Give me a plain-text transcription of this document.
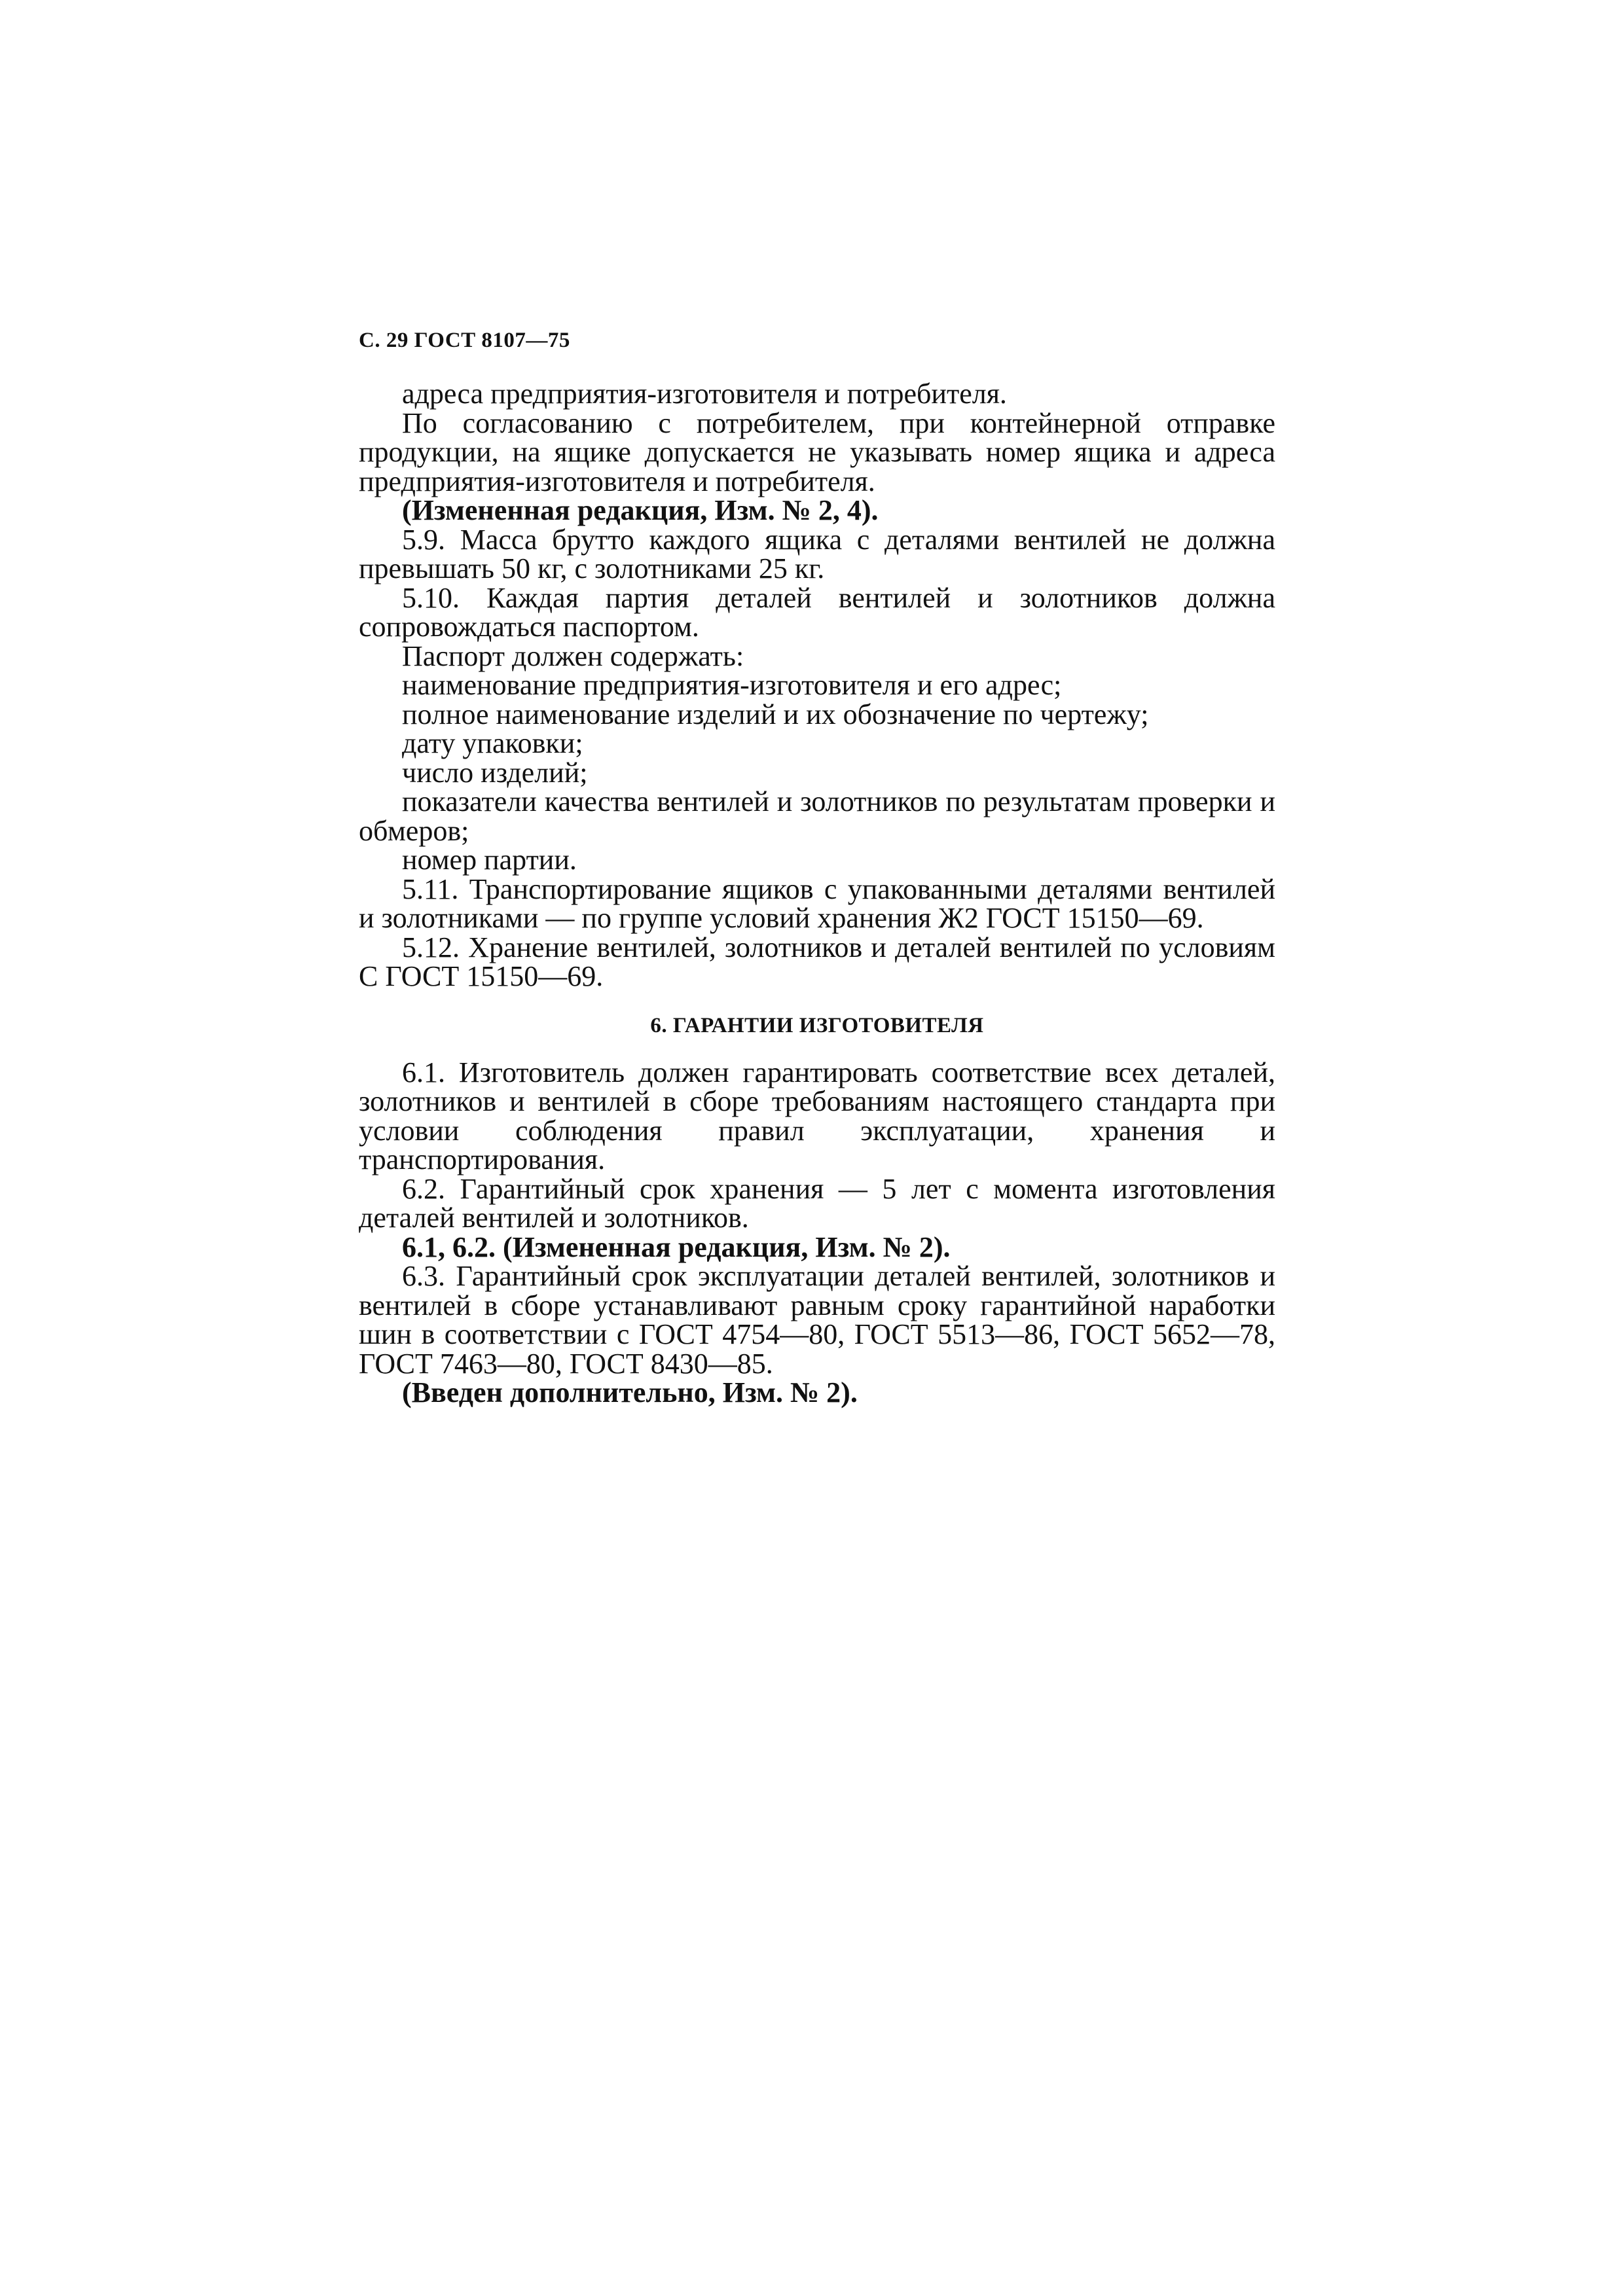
С. 29 ГОСТ 8107—75

адреса предприятия-изготовителя и потребителя.

По согласованию с потребителем, при контейнерной отправке продукции, на ящике допускается не указывать номер ящика и адреса предприятия-изготовителя и потребителя.

(Измененная редакция, Изм. № 2, 4).

5.9. Масса брутто каждого ящика с деталями вентилей не должна превышать 50 кг, с золотниками 25 кг.

5.10. Каждая партия деталей вентилей и золотников должна сопровождаться паспортом.

Паспорт должен содержать:

наименование предприятия-изготовителя и его адрес;

полное наименование изделий и их обозначение по чертежу;

дату упаковки;

число изделий;

показатели качества вентилей и золотников по результатам проверки и обмеров;

номер партии.

5.11. Транспортирование ящиков с упакованными деталями вентилей и золотниками — по группе условий хранения Ж2 ГОСТ 15150—69.

5.12. Хранение вентилей, золотников и деталей вентилей по условиям С ГОСТ 15150—69.

6. ГАРАНТИИ ИЗГОТОВИТЕЛЯ

6.1. Изготовитель должен гарантировать соответствие всех деталей, золотников и вентилей в сборе требованиям настоящего стандарта при условии соблюдения правил эксплуатации, хранения и транспортирования.

6.2. Гарантийный срок хранения — 5 лет с момента изготовления деталей вентилей и золотников.

6.1, 6.2. (Измененная редакция, Изм. № 2).

6.3. Гарантийный срок эксплуатации деталей вентилей, золотников и вентилей в сборе устанавливают равным сроку гарантийной наработки шин в соответствии с ГОСТ 4754—80, ГОСТ 5513—86, ГОСТ 5652—78, ГОСТ 7463—80, ГОСТ 8430—85.

(Введен дополнительно, Изм. № 2).
